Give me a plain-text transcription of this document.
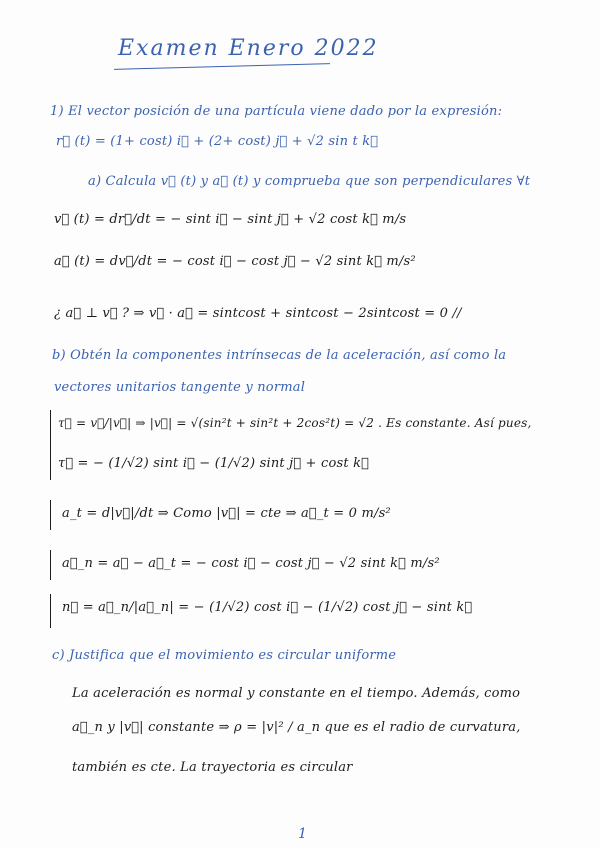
Examen Enero 2022
1) El vector posición de una partícula viene dado por la expresión:
r⃗ (t) = (1+ cost) i⃗ + (2+ cost) j⃗ + √2 sin t k⃗
a) Calcula v⃗ (t) y a⃗ (t) y comprueba que son perpendiculares ∀t
v⃗ (t) = dr⃗/dt = − sint i⃗ − sint j⃗ + √2 cost k⃗ m/s
a⃗ (t) = dv⃗/dt = − cost i⃗ − cost j⃗ − √2 sint k⃗ m/s²
¿ a⃗ ⊥ v⃗ ? ⇒ v⃗ · a⃗ = sintcost + sintcost − 2sintcost = 0 //
b) Obtén la componentes intrínsecas de la aceleración, así como la
vectores unitarios tangente y normal
τ⃗ = v⃗/|v⃗| ⇒ |v⃗| = √(sin²t + sin²t + 2cos²t) = √2 . Es constante. Así pues,
τ⃗ = − (1/√2) sint i⃗ − (1/√2) sint j⃗ + cost k⃗
a_t = d|v⃗|/dt ⇒ Como |v⃗| = cte ⇒ a⃗_t = 0 m/s²
a⃗_n = a⃗ − a⃗_t = − cost i⃗ − cost j⃗ − √2 sint k⃗ m/s²
n⃗ = a⃗_n/|a⃗_n| = − (1/√2) cost i⃗ − (1/√2) cost j⃗ − sint k⃗
c) Justifica que el movimiento es circular uniforme
La aceleración es normal y constante en el tiempo. Además, como
a⃗_n y |v⃗| constante ⇒ ρ = |v|² / a_n que es el radio de curvatura,
también es cte. La trayectoria es circular
1
